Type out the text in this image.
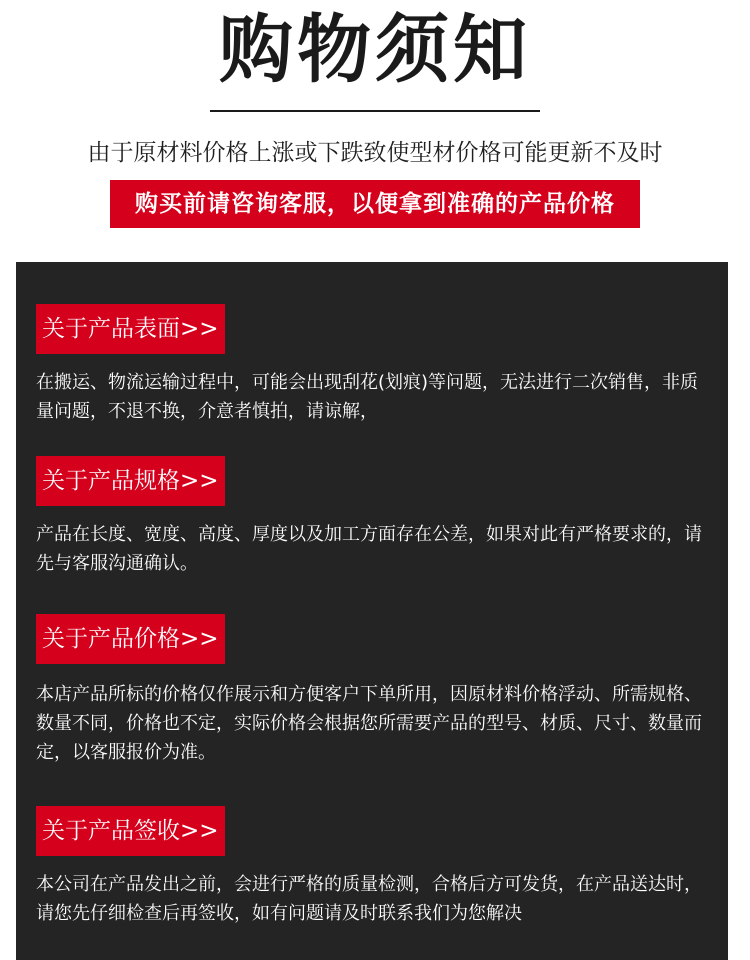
购物须知
由于原材料价格上涨或下跌致使型材价格可能更新不及时
购买前请咨询客服，以便拿到准确的产品价格
关于产品表面>>
在搬运、物流运输过程中，可能会出现刮花(划痕)等问题，无法进行二次销售，非质量问题，不退不换，介意者慎拍，请谅解，
关于产品规格>>
产品在长度、宽度、高度、厚度以及加工方面存在公差，如果对此有严格要求的，请先与客服沟通确认。
关于产品价格>>
本店产品所标的价格仅作展示和方便客户下单所用，因原材料价格浮动、所需规格、数量不同，价格也不定，实际价格会根据您所需要产品的型号、材质、尺寸、数量而定，以客服报价为准。
关于产品签收>>
本公司在产品发出之前，会进行严格的质量检测，合格后方可发货，在产品送达时，请您先仔细检查后再签收，如有问题请及时联系我们为您解决
